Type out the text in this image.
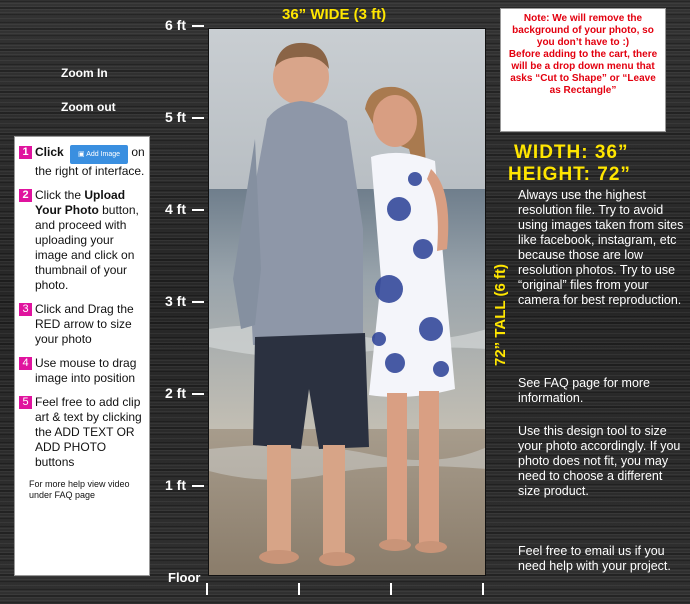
Zoom In
Zoom out
6 ft
5 ft
4 ft
3 ft
2 ft
1 ft
1 Click ▣ Add Image on the right of interface.
2 Click the Upload Your Photo button, and proceed with uploading your image and click on thumbnail of your photo.
3 Click and Drag the RED arrow to size your photo
4 Use mouse to drag image into position
5 Feel free to add clip art & text by clicking the ADD TEXT OR ADD PHOTO buttons
For more help view video under FAQ page
36” WIDE (3 ft)
72” TALL (6 ft)
Note: We will remove the background of your photo, so you don’t have to :)
Before adding to the cart, there will be a drop down menu that asks “Cut to Shape” or “Leave as Rectangle”
WIDTH: 36”
HEIGHT: 72”
Always use the highest resolution file. Try to avoid using images taken from sites like facebook, instagram, etc because those are low resolution photos. Try to use “original” files from your camera for best reproduction.
See FAQ page for more information.
Use this design tool to size your photo accordingly. If you photo does not fit, you may need to choose a different size product.
Feel free to email us if you need help with your project.
Floor
